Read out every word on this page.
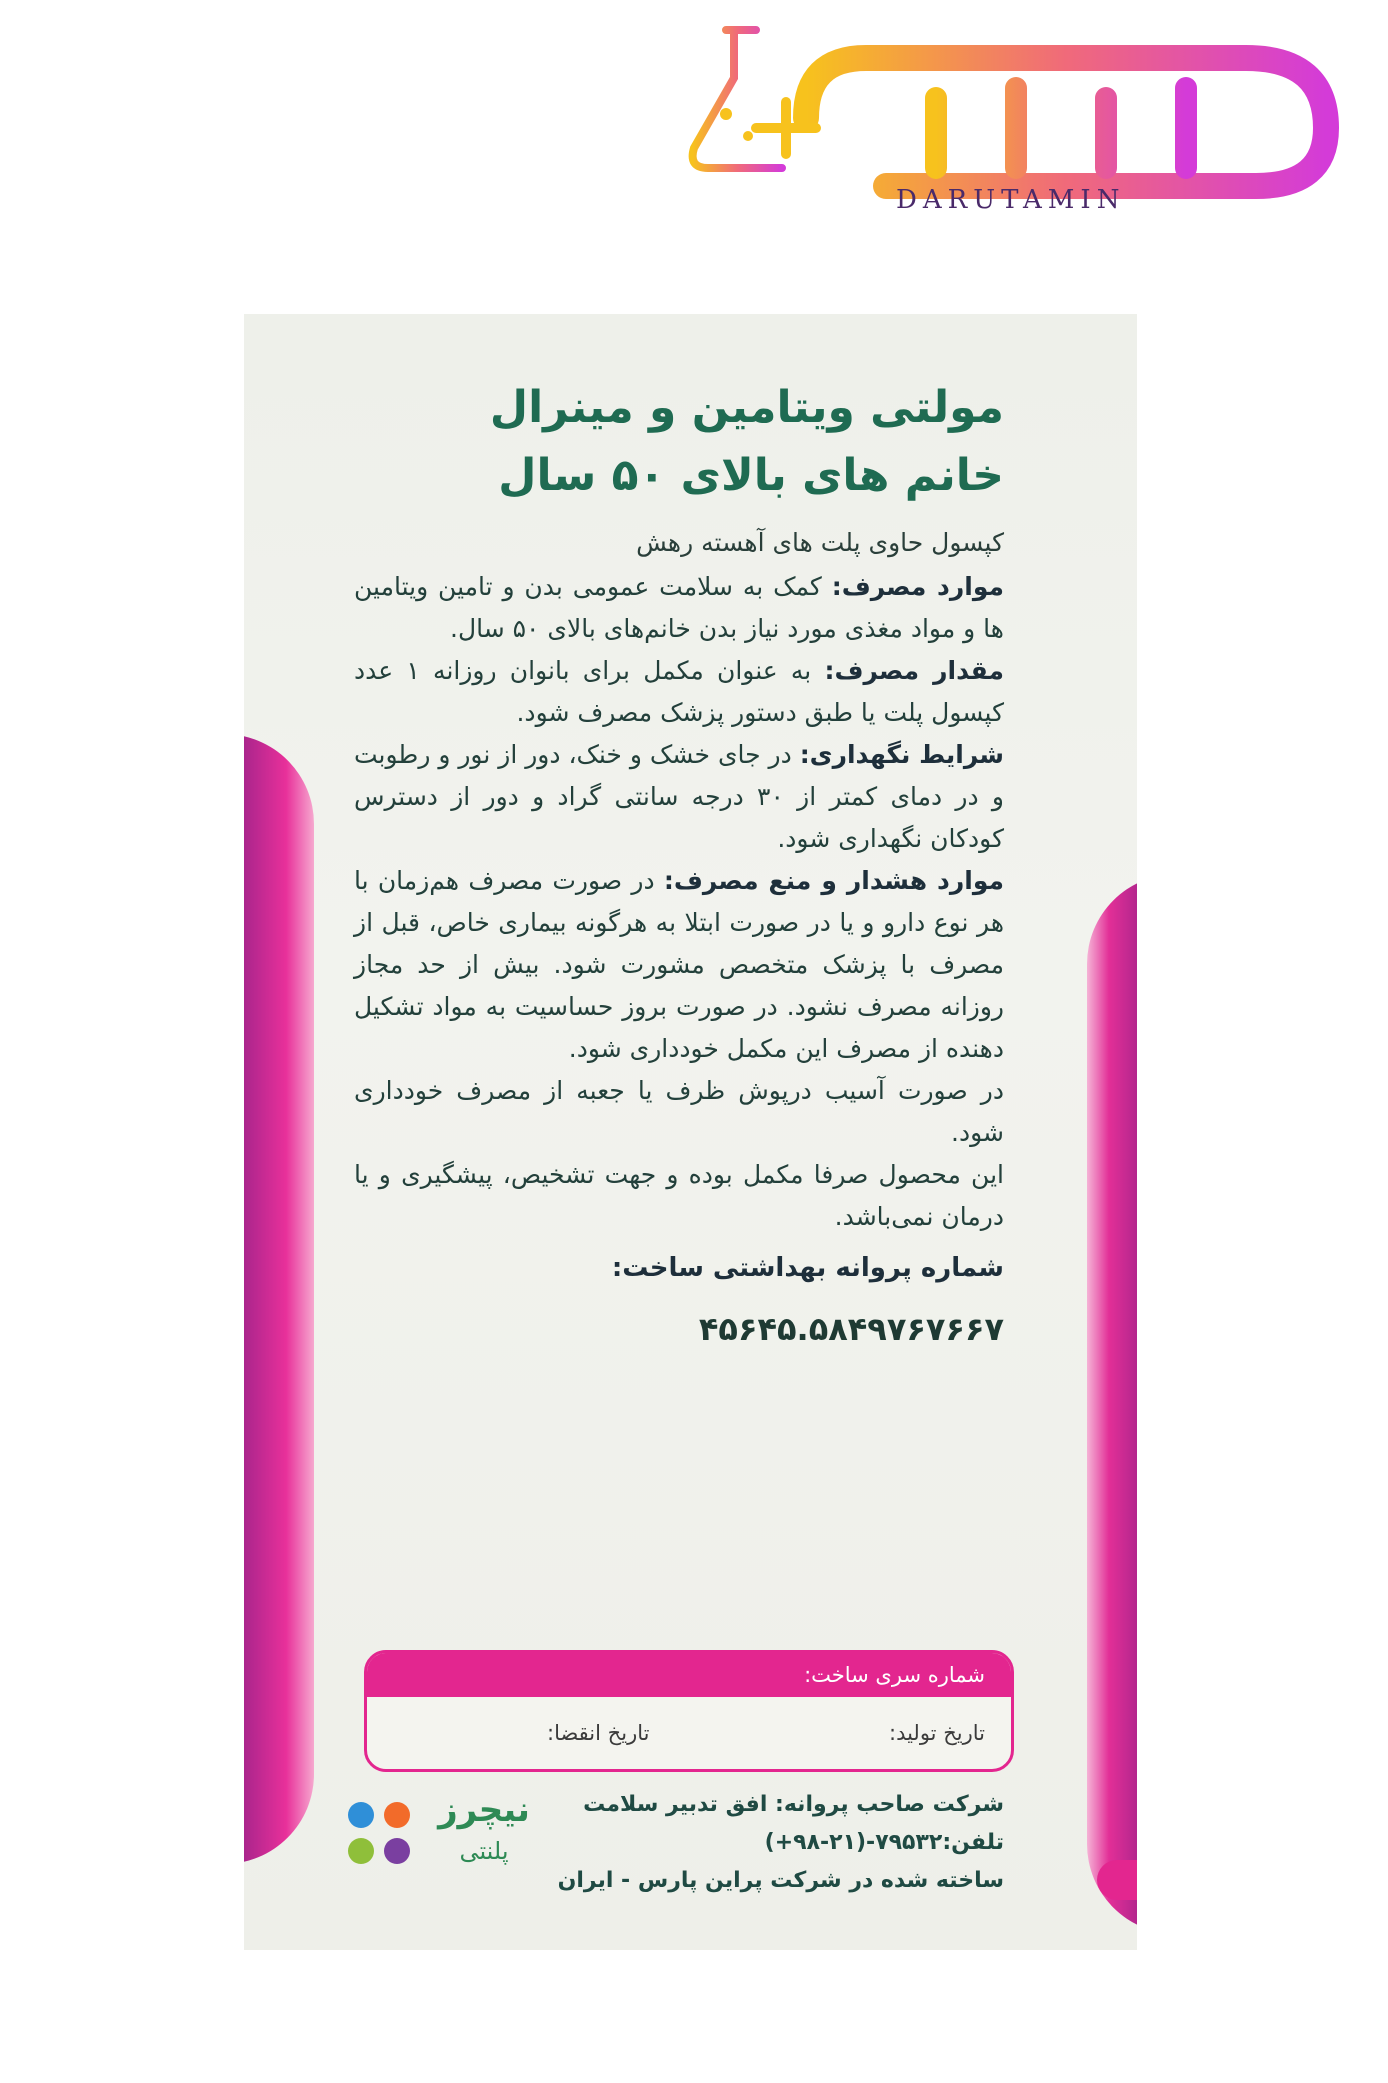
DARUTAMIN
مولتی ویتامین و مینرال
خانم های بالای ۵۰ سال
کپسول حاوی پلت های آهسته رهش

موارد مصرف: کمک به سلامت عمومی بدن و تامین ویتامین ها و مواد مغذی مورد نیاز بدن خانم‌های بالای ۵۰ سال.

مقدار مصرف: به عنوان مکمل برای بانوان روزانه ۱ عدد کپسول پلت یا طبق دستور پزشک مصرف شود.

شرایط نگهداری: در جای خشک و خنک، دور از نور و رطوبت و در دمای کمتر از ۳۰ درجه سانتی گراد و دور از دسترس کودکان نگهداری شود.

موارد هشدار و منع مصرف: در صورت مصرف هم‌زمان با هر نوع دارو و یا در صورت ابتلا به هرگونه بیماری خاص، قبل از مصرف با پزشک متخصص مشورت شود. بیش از حد مجاز روزانه مصرف نشود. در صورت بروز حساسیت به مواد تشکیل دهنده از مصرف این مکمل خودداری شود.

در صورت آسیب درپوش ظرف یا جعبه از مصرف خودداری شود.

این محصول صرفا مکمل بوده و جهت تشخیص، پیشگیری و یا درمان نمی‌باشد.

شماره پروانه بهداشتی ساخت:
۴۵۶۴۵.۵۸۴۹۷۶۷۶۶۷
شماره سری ساخت:
تاریخ تولید:
تاریخ انقضا:
شرکت صاحب پروانه: افق تدبیر سلامت
تلفن:۷۹۵۳۲-(۲۱-۹۸+)
ساخته شده در شرکت پراین پارس - ایران
نیچرز
پلنتی
